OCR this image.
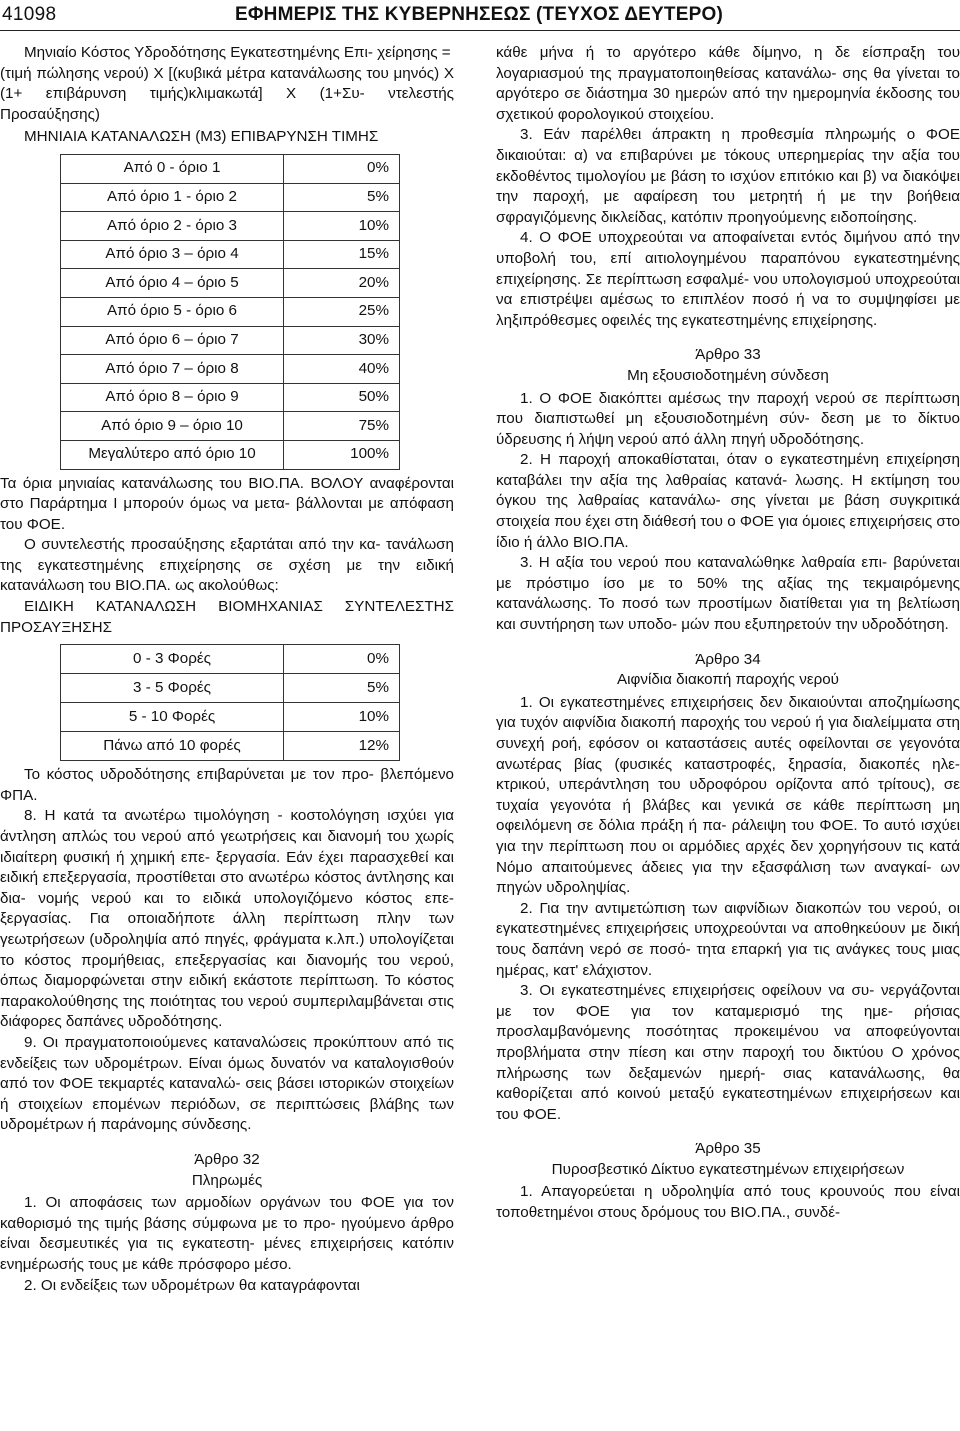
41098	ΕΦΗΜΕΡΙΣ ΤΗΣ ΚΥΒΕΡΝΗΣΕΩΣ (ΤΕΥΧΟΣ ΔΕΥΤΕΡΟ)

Μηνιαίο Κόστος Υδροδότησης Εγκατεστημένης Επι- χείρησης =

(τιμή πώλησης νερού) X [(κυβικά μέτρα κατανάλωσης του μηνός) X (1+ επιβάρυνση τιμής)κλιμακωτά] X (1+Συ- ντελεστής Προσαύξησης)

ΜΗΝΙΑΙΑ ΚΑΤΑΝΑΛΩΣΗ (Μ3) ΕΠΙΒΑΡΥΝΣΗ ΤΙΜΗΣ

Από 0 - όριο 1	0%
Από όριο 1 - όριο 2	5%
Από όριο 2 - όριο 3	10%
Από όριο 3 – όριο 4	15%
Από όριο 4 – όριο 5	20%
Από όριο 5 - όριο 6	25%
Από όριο 6 – όριο 7	30%
Από όριο 7 – όριο 8	40%
Από όριο 8 – όριο 9	50%
Από όριο 9 – όριο 10	75%
Μεγαλύτερο από όριο 10	100%

Τα όρια μηνιαίας κατανάλωσης του ΒΙΟ.ΠΑ. ΒΟΛΟΥ αναφέρονται στο Παράρτημα Ι μπορούν όμως να μετα- βάλλονται με απόφαση του ΦΟΕ.

Ο συντελεστής προσαύξησης εξαρτάται από την κα- τανάλωση της εγκατεστημένης επιχείρησης σε σχέση με την ειδική κατανάλωση του ΒΙΟ.ΠΑ. ως ακολούθως:

ΕΙΔΙΚΗ ΚΑΤΑΝΑΛΩΣΗ ΒΙΟΜΗΧΑΝΙΑΣ ΣΥΝΤΕΛΕΣΤΗΣ ΠΡΟΣΑΥΞΗΣΗΣ

0 - 3 Φορές	0%
3 - 5 Φορές	5%
5 - 10 Φορές	10%
Πάνω από 10 φορές	12%

Το κόστος υδροδότησης επιβαρύνεται με τον προ- βλεπόμενο ΦΠΑ.

8. Η κατά τα ανωτέρω τιμολόγηση - κοστολόγηση ισχύει για άντληση απλώς του νερού από γεωτρήσεις και διανομή του χωρίς ιδιαίτερη φυσική ή χημική επε- ξεργασία. Εάν έχει παρασχεθεί και ειδική επεξεργασία, προστίθεται στο ανωτέρω κόστος άντλησης και δια- νομής νερού και το ειδικά υπολογιζόμενο κόστος επε- ξεργασίας. Για οποιαδήποτε άλλη περίπτωση πλην των γεωτρήσεων (υδροληψία από πηγές, φράγματα κ.λπ.) υπολογίζεται το κόστος προμήθειας, επεξεργασίας και διανομής του νερού, όπως διαμορφώνεται στην ειδική εκάστοτε περίπτωση. Το κόστος παρακολούθησης της ποιότητας του νερού συμπεριλαμβάνεται στις διάφορες δαπάνες υδροδότησης.

9. Οι πραγματοποιούμενες καταναλώσεις προκύπτουν από τις ενδείξεις των υδρομέτρων. Είναι όμως δυνατόν να καταλογισθούν από τον ΦΟΕ τεκμαρτές καταναλώ- σεις βάσει ιστορικών στοιχείων ή στοιχείων επομένων περιόδων, σε περιπτώσεις βλάβης των υδρομέτρων ή παράνομης σύνδεσης.

Άρθρο 32

Πληρωμές

1. Οι αποφάσεις των αρμοδίων οργάνων του ΦΟΕ για τον καθορισμό της τιμής βάσης σύμφωνα με το προ- ηγούμενο άρθρο είναι δεσμευτικές για τις εγκατεστη- μένες επιχειρήσεις κατόπιν ενημέρωσής τους με κάθε πρόσφορο μέσο.

2. Οι ενδείξεις των υδρομέτρων θα καταγράφονται

κάθε μήνα ή το αργότερο κάθε δίμηνο, η δε είσπραξη του λογαριασμού της πραγματοποιηθείσας κατανάλω- σης θα γίνεται το αργότερο σε διάστημα 30 ημερών από την ημερομηνία έκδοσης του σχετικού φορολογικού στοιχείου.

3. Εάν παρέλθει άπρακτη η προθεσμία πληρωμής ο ΦΟΕ δικαιούται: α) να επιβαρύνει με τόκους υπερημερίας την αξία του εκδοθέντος τιμολογίου με βάση το ισχύον επιτόκιο και β) να διακόψει την παροχή, με αφαίρεση του μετρητή ή με την βοήθεια σφραγιζόμενης δικλείδας, κατόπιν προηγούμενης ειδοποίησης.

4. Ο ΦΟΕ υποχρεούται να αποφαίνεται εντός διμήνου από την υποβολή του, επί αιτιολογημένου παραπόνου εγκατεστημένης επιχείρησης. Σε περίπτωση εσφαλμέ- νου υπολογισμού υποχρεούται να επιστρέψει αμέσως το επιπλέον ποσό ή να το συμψηφίσει με ληξιπρόθεσμες οφειλές της εγκατεστημένης επιχείρησης.

Άρθρο 33

Μη εξουσιοδοτημένη σύνδεση

1. Ο ΦΟΕ διακόπτει αμέσως την παροχή νερού σε περίπτωση που διαπιστωθεί μη εξουσιοδοτημένη σύν- δεση με το δίκτυο ύδρευσης ή λήψη νερού από άλλη πηγή υδροδότησης.

2. Η παροχή αποκαθίσταται, όταν ο εγκατεστημένη επιχείρηση καταβάλει την αξία της λαθραίας κατανά- λωσης. Η εκτίμηση του όγκου της λαθραίας κατανάλω- σης γίνεται με βάση συγκριτικά στοιχεία που έχει στη διάθεσή του ο ΦΟΕ για όμοιες επιχειρήσεις στο ίδιο ή άλλο ΒΙΟ.ΠΑ.

3. Η αξία του νερού που καταναλώθηκε λαθραία επι- βαρύνεται με πρόστιμο ίσο με το 50% της αξίας της τεκμαιρόμενης κατανάλωσης. Το ποσό των προστίμων διατίθεται για τη βελτίωση και συντήρηση των υποδο- μών που εξυπηρετούν την υδροδότηση.

Άρθρο 34

Αιφνίδια διακοπή παροχής νερού

1. Οι εγκατεστημένες επιχειρήσεις δεν δικαιούνται αποζημίωσης για τυχόν αιφνίδια διακοπή παροχής του νερού ή για διαλείμματα στη συνεχή ροή, εφόσον οι καταστάσεις αυτές οφείλονται σε γεγονότα ανωτέρας βίας (φυσικές καταστροφές, ξηρασία, διακοπές ηλε- κτρικού, υπεράντληση του υδροφόρου ορίζοντα από τρίτους), σε τυχαία γεγονότα ή βλάβες και γενικά σε κάθε περίπτωση μη οφειλόμενη σε δόλια πράξη ή πα- ράλειψη του ΦΟΕ. Το αυτό ισχύει για την περίπτωση που οι αρμόδιες αρχές δεν χορηγήσουν τις κατά Νόμο απαιτούμενες άδειες για την εξασφάλιση των αναγκαί- ων πηγών υδροληψίας.

2. Για την αντιμετώπιση των αιφνίδιων διακοπών του νερού, οι εγκατεστημένες επιχειρήσεις υποχρεούνται να αποθηκεύουν με δική τους δαπάνη νερό σε ποσό- τητα επαρκή για τις ανάγκες τους μιας ημέρας, κατ' ελάχιστον.

3. Οι εγκατεστημένες επιχειρήσεις οφείλουν να συ- νεργάζονται με τον ΦΟΕ για τον καταμερισμό της ημε- ρήσιας προσλαμβανόμενης ποσότητας προκειμένου να αποφεύγονται προβλήματα στην πίεση και στην παροχή του δικτύου Ο χρόνος πλήρωσης των δεξαμενών ημερή- σιας κατανάλωσης, θα καθορίζεται από κοινού μεταξύ εγκατεστημένων επιχειρήσεων και του ΦΟΕ.

Άρθρο 35

Πυροσβεστικό Δίκτυο εγκατεστημένων επιχειρήσεων

1. Απαγορεύεται η υδροληψία από τους κρουνούς που είναι τοποθετημένοι στους δρόμους του ΒΙΟ.ΠΑ., συνδέ-
